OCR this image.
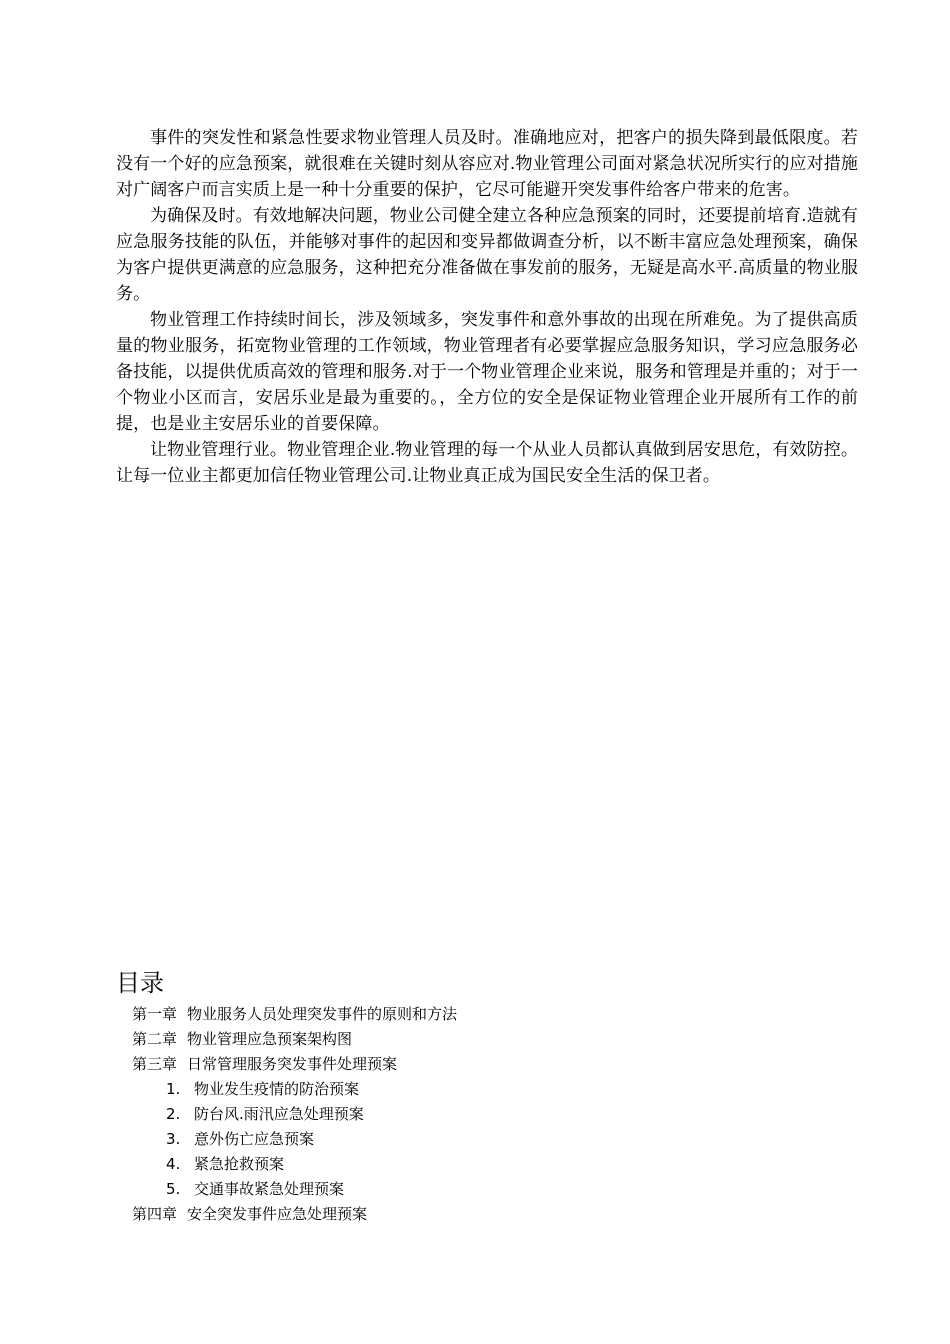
事件的突发性和紧急性要求物业管理人员及时。准确地应对，把客户的损失降到最低限度。若没有一个好的应急预案，就很难在关键时刻从容应对.物业管理公司面对紧急状况所实行的应对措施对广阔客户而言实质上是一种十分重要的保护，它尽可能避开突发事件给客户带来的危害。

为确保及时。有效地解决问题，物业公司健全建立各种应急预案的同时，还要提前培育.造就有应急服务技能的队伍，并能够对事件的起因和变异都做调查分析，以不断丰富应急处理预案，确保为客户提供更满意的应急服务，这种把充分准备做在事发前的服务，无疑是高水平.高质量的物业服务。

物业管理工作持续时间长，涉及领域多，突发事件和意外事故的出现在所难免。为了提供高质量的物业服务，拓宽物业管理的工作领域，物业管理者有必要掌握应急服务知识，学习应急服务必备技能，以提供优质高效的管理和服务.对于一个物业管理企业来说，服务和管理是并重的；对于一个物业小区而言，安居乐业是最为重要的。，全方位的安全是保证物业管理企业开展所有工作的前提，也是业主安居乐业的首要保障。

让物业管理行业。物业管理企业.物业管理的每一个从业人员都认真做到居安思危，有效防控。让每一位业主都更加信任物业管理公司.让物业真正成为国民安全生活的保卫者。

目录
第一章 物业服务人员处理突发事件的原则和方法
第二章 物业管理应急预案架构图
第三章 日常管理服务突发事件处理预案
1. 物业发生疫情的防治预案
2. 防台风.雨汛应急处理预案
3. 意外伤亡应急预案
4. 紧急抢救预案
5. 交通事故紧急处理预案
第四章 安全突发事件应急处理预案
